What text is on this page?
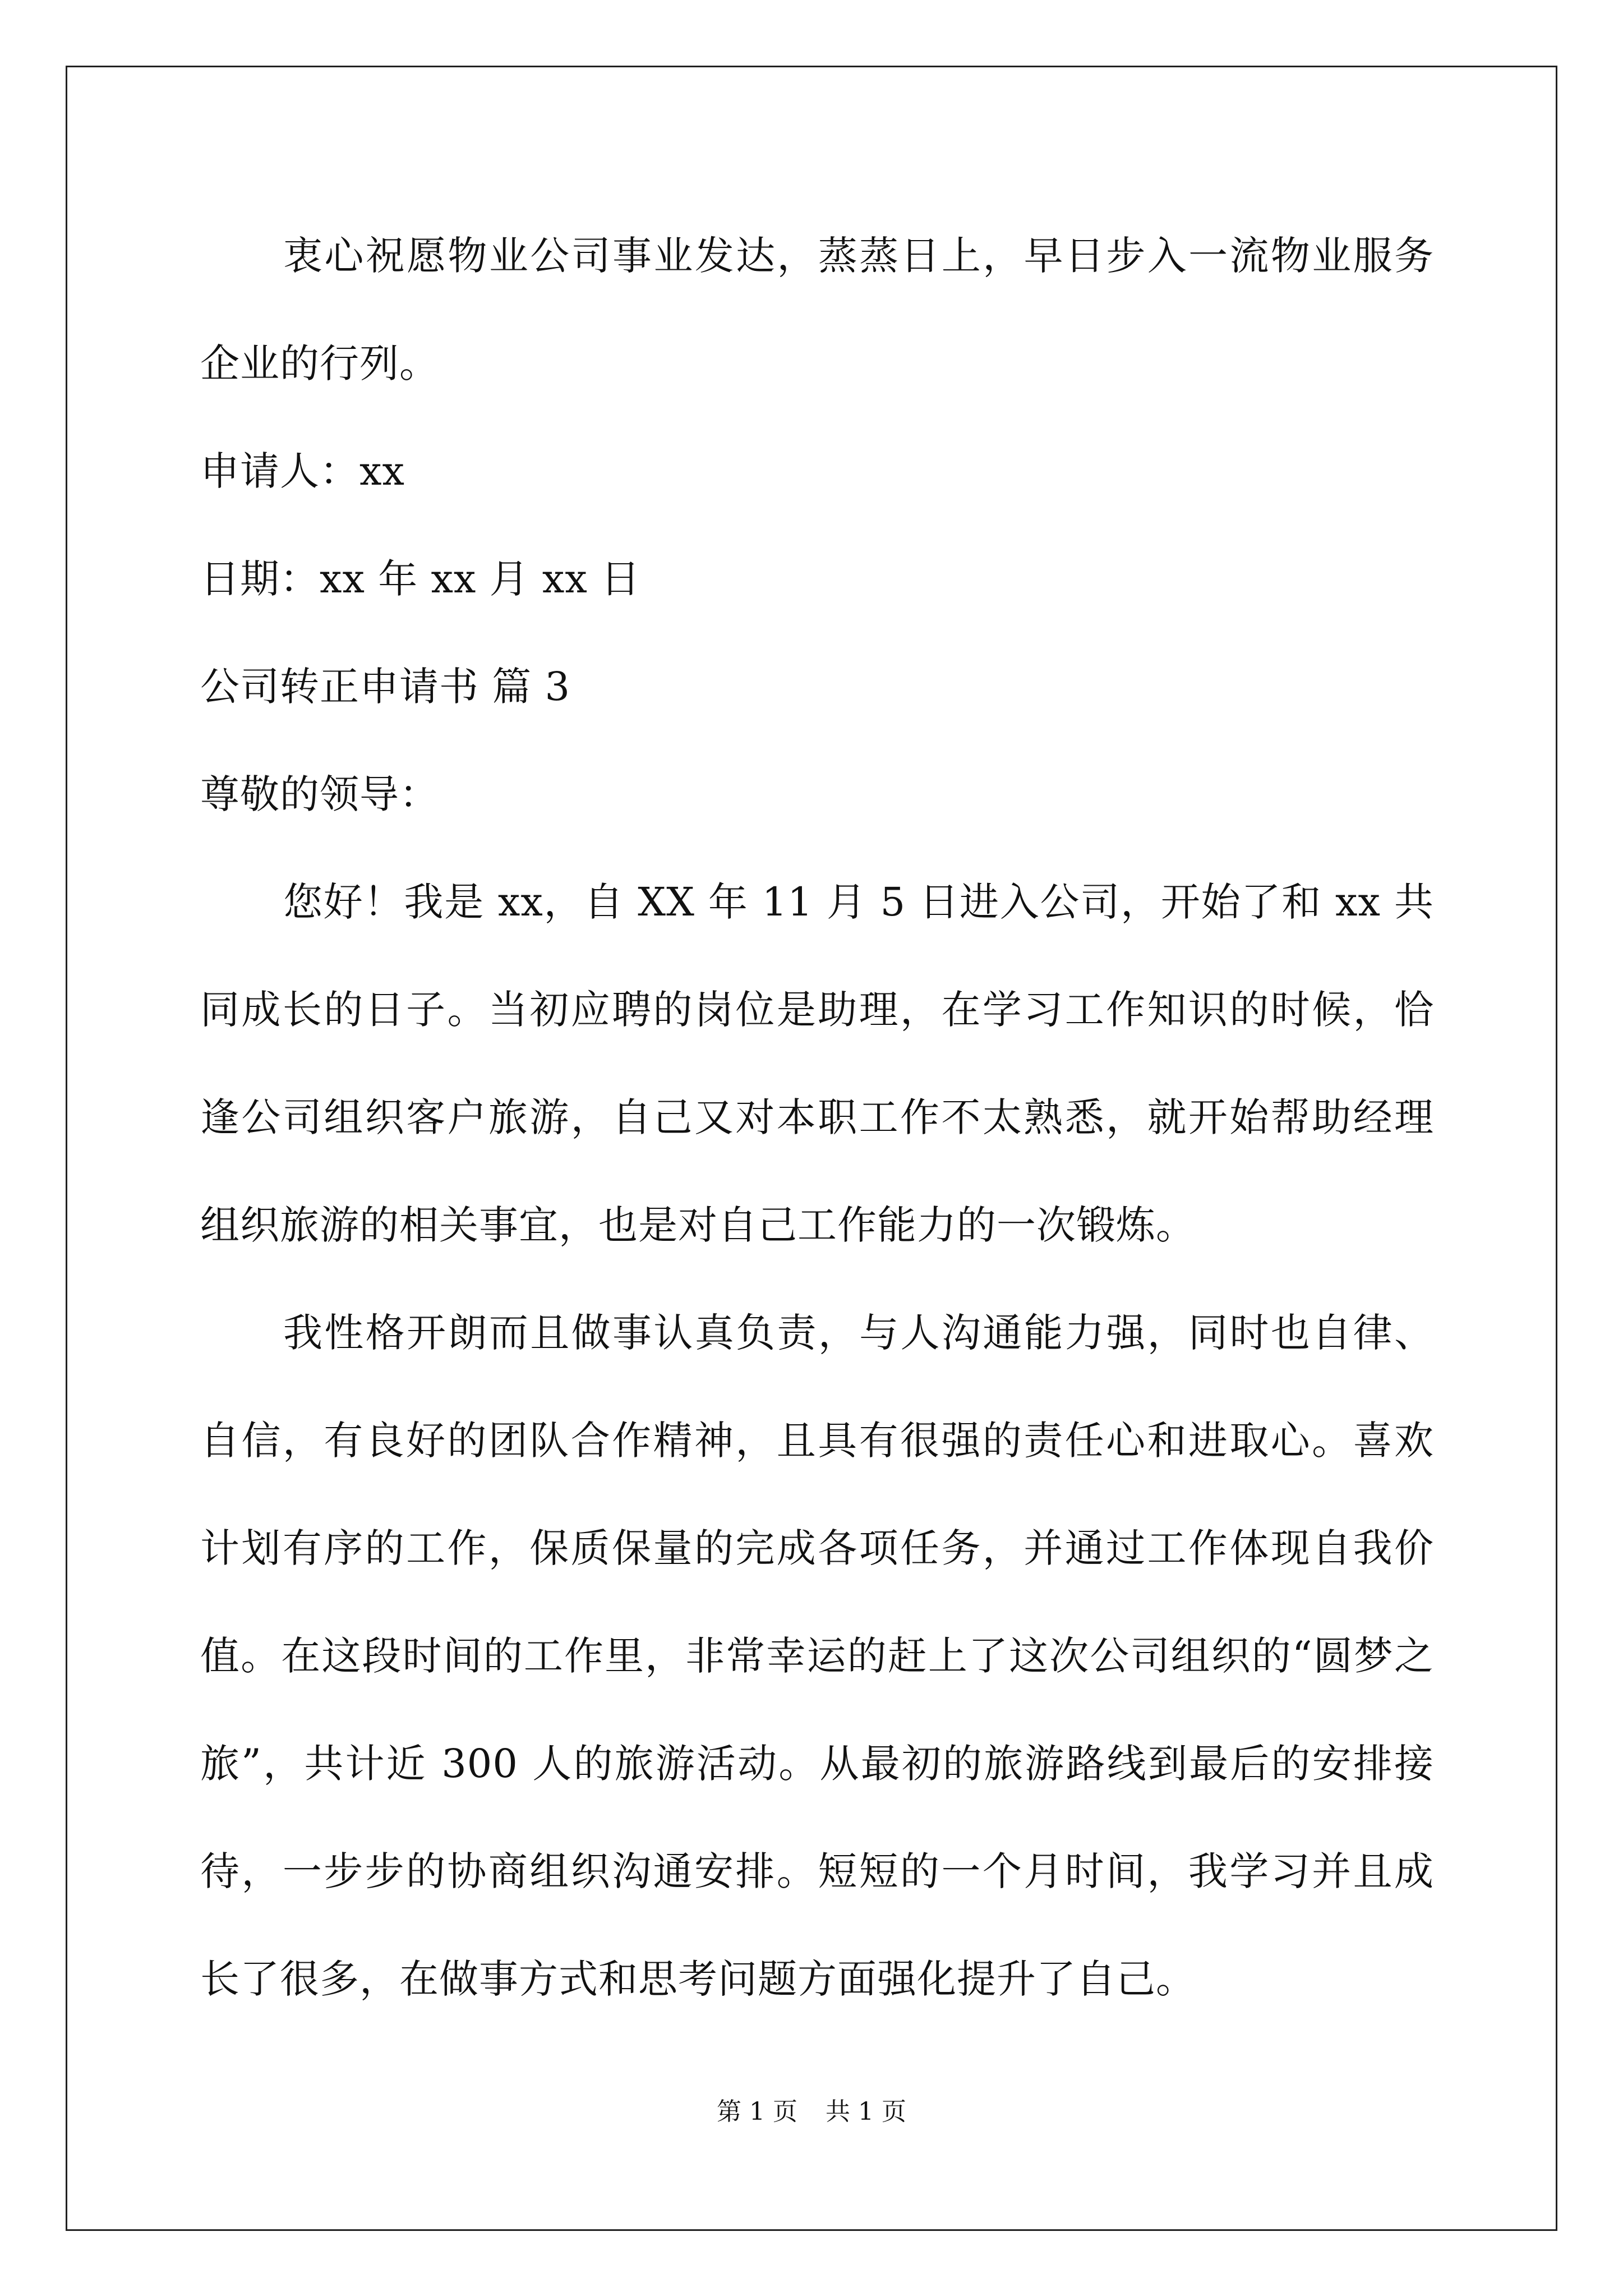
衷心祝愿物业公司事业发达，蒸蒸日上，早日步入一流物业服务企业的行列。

申请人：xx

日期：xx 年 xx 月 xx 日

公司转正申请书 篇 3

尊敬的领导：

您好！我是 xx，自 XX 年 11 月 5 日进入公司，开始了和 xx 共同成长的日子。当初应聘的岗位是助理，在学习工作知识的时候，恰逢公司组织客户旅游，自己又对本职工作不太熟悉，就开始帮助经理组织旅游的相关事宜，也是对自己工作能力的一次锻炼。

我性格开朗而且做事认真负责，与人沟通能力强，同时也自律、自信，有良好的团队合作精神，且具有很强的责任心和进取心。喜欢计划有序的工作，保质保量的完成各项任务，并通过工作体现自我价值。在这段时间的工作里，非常幸运的赶上了这次公司组织的“圆梦之旅”，共计近 300 人的旅游活动。从最初的旅游路线到最后的安排接待，一步步的协商组织沟通安排。短短的一个月时间，我学习并且成长了很多，在做事方式和思考问题方面强化提升了自己。

第 1 页 共 1 页
